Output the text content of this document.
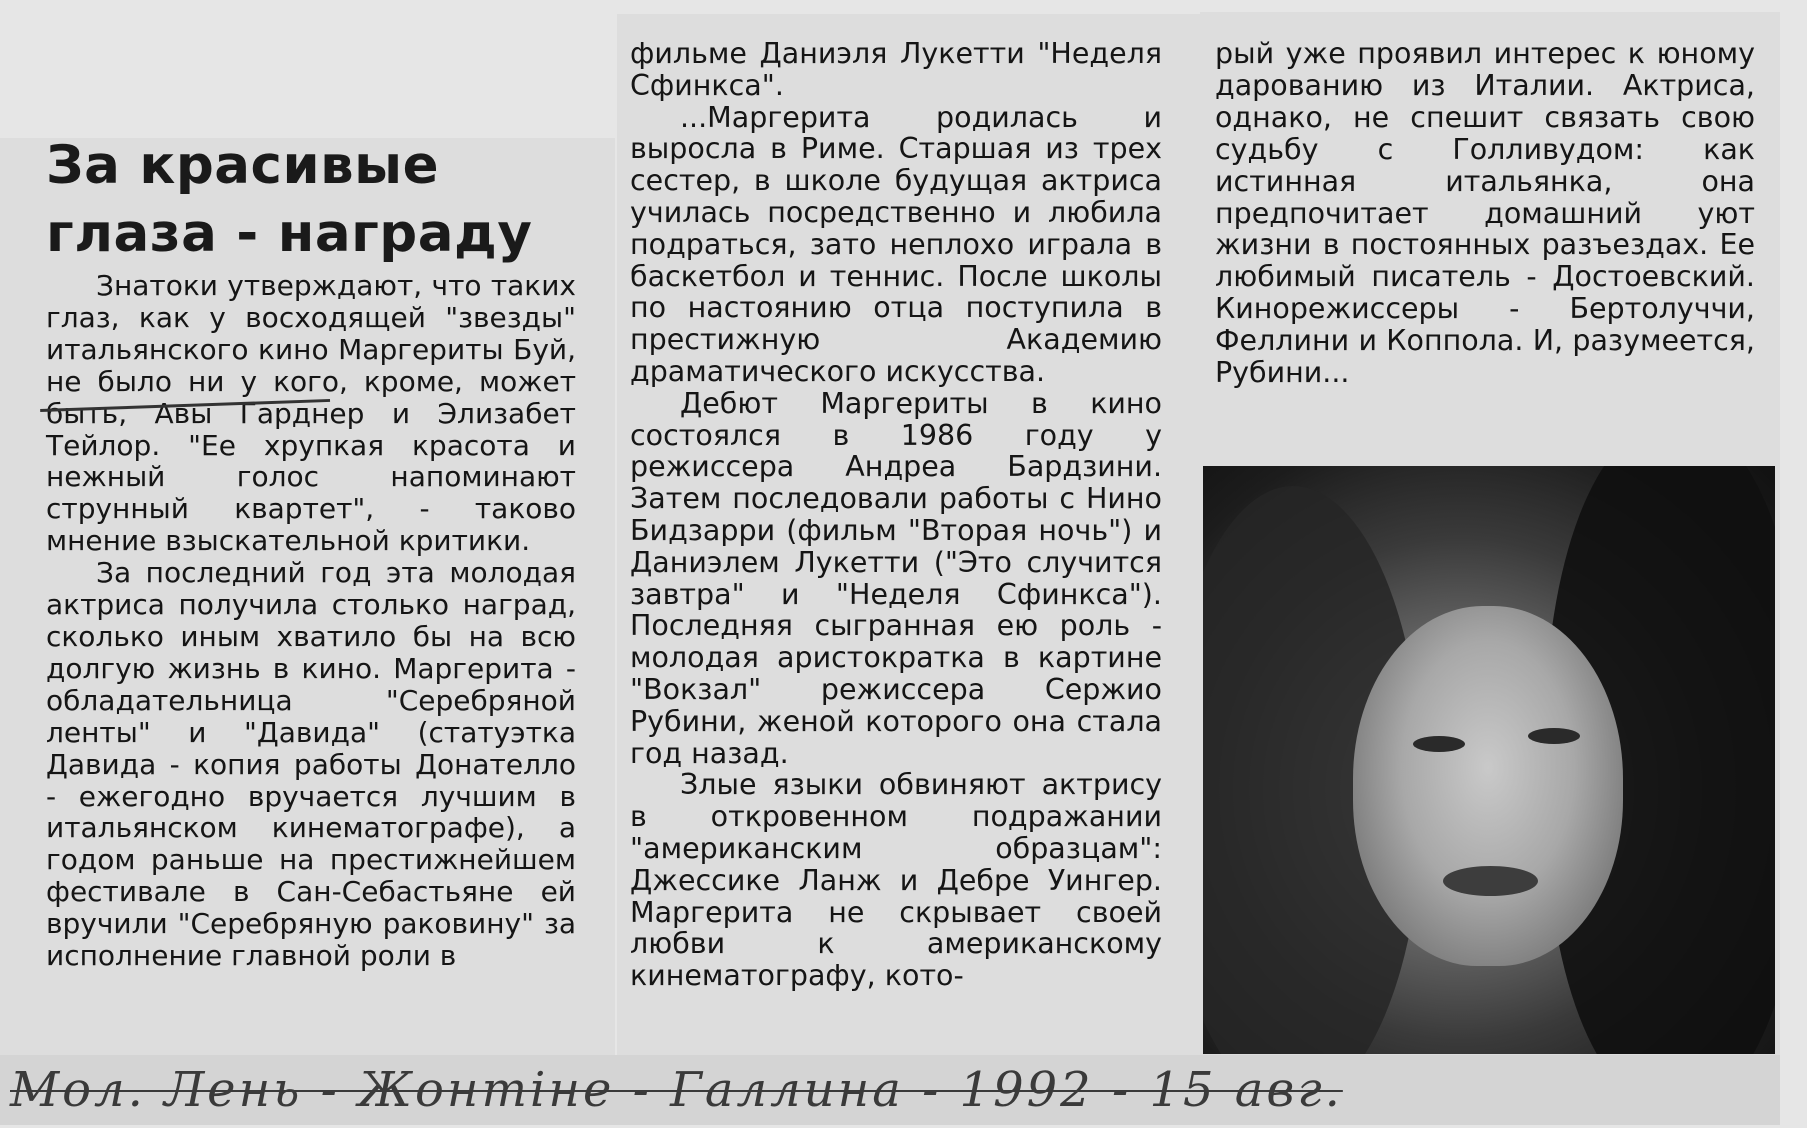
За красивые глаза - награду

Знатоки утверждают, что таких глаз, как у восходящей "звезды" итальянского кино Маргериты Буй, не было ни у кого, кроме, может быть, Авы Гарднер и Элизабет Тейлор. "Ее хрупкая красота и нежный голос напоминают струнный квартет", - таково мнение взыскательной критики.

За последний год эта молодая актриса получила столько наград, сколько иным хватило бы на всю долгую жизнь в кино. Маргерита - обладательница "Серебряной ленты" и "Давида" (статуэтка Давида - копия работы Донателло - ежегодно вручается лучшим в итальянском кинематографе), а годом раньше на престижнейшем фестивале в Сан-Себастьяне ей вручили "Серебряную раковину" за исполнение главной роли в

фильме Даниэля Лукетти "Неделя Сфинкса".

...Маргерита родилась и выросла в Риме. Старшая из трех сестер, в школе будущая актриса училась посредственно и любила подраться, зато неплохо играла в баскетбол и теннис. После школы по настоянию отца поступила в престижную Академию драматического искусства.

Дебют Маргериты в кино состоялся в 1986 году у режиссера Андреа Бардзини. Затем последовали работы с Нино Бидзарри (фильм "Вторая ночь") и Даниэлем Лукетти ("Это случится завтра" и "Неделя Сфинкса"). Последняя сыгранная ею роль - молодая аристократка в картине "Вокзал" режиссера Сержио Рубини, женой которого она стала год назад.

Злые языки обвиняют актрису в откровенном подражании "американским образцам": Джессике Ланж и Дебре Уингер. Маргерита не скрывает своей любви к американскому кинематографу, кото-

рый уже проявил интерес к юному дарованию из Италии. Актриса, однако, не спешит связать свою судьбу с Голливудом: как истинная итальянка, она предпочитает домашний уют жизни в постоянных разъездах. Ее любимый писатель - Достоевский. Кинорежиссеры - Бертолуччи, Феллини и Коппола. И, разумеется, Рубини...

Мол. Лень - Жонтіне - Галлина - 1992 - 15 авг.
